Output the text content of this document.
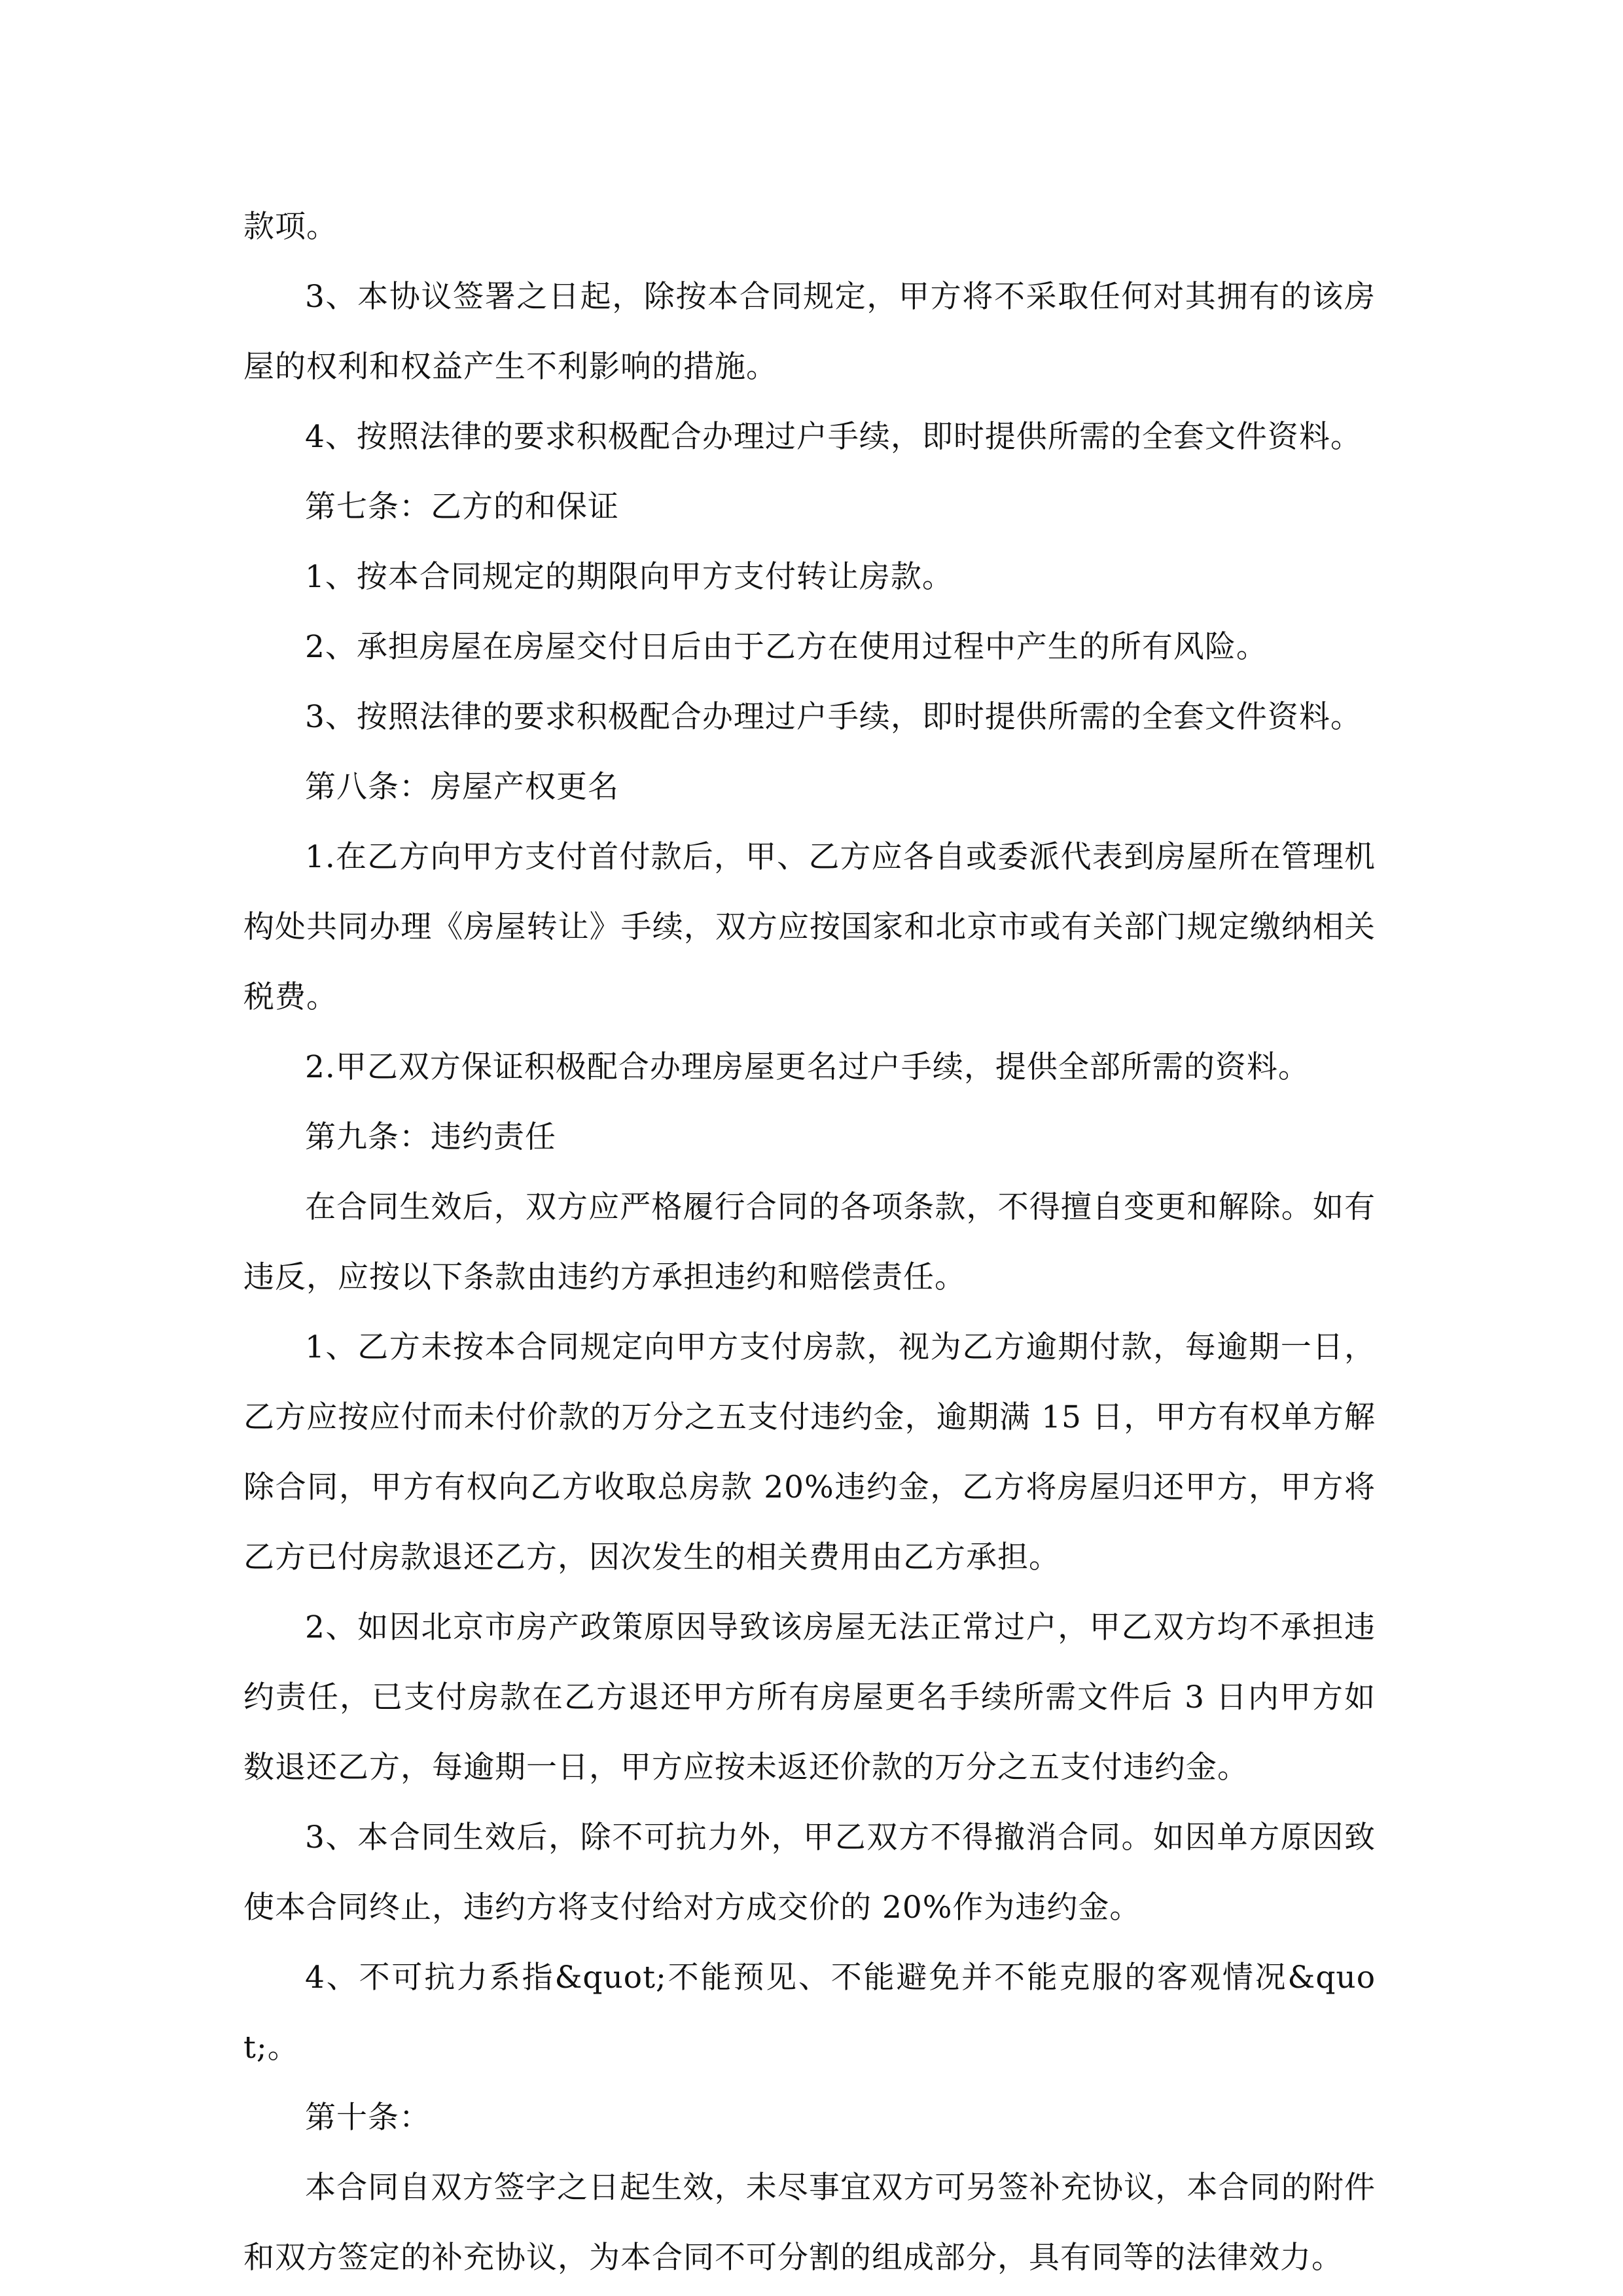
款项。

3、本协议签署之日起，除按本合同规定，甲方将不采取任何对其拥有的该房屋的权利和权益产生不利影响的措施。

4、按照法律的要求积极配合办理过户手续，即时提供所需的全套文件资料。

第七条：乙方的和保证

1、按本合同规定的期限向甲方支付转让房款。

2、承担房屋在房屋交付日后由于乙方在使用过程中产生的所有风险。

3、按照法律的要求积极配合办理过户手续，即时提供所需的全套文件资料。

第八条：房屋产权更名

1.在乙方向甲方支付首付款后，甲、乙方应各自或委派代表到房屋所在管理机构处共同办理《房屋转让》手续，双方应按国家和北京市或有关部门规定缴纳相关税费。

2.甲乙双方保证积极配合办理房屋更名过户手续，提供全部所需的资料。

第九条：违约责任

在合同生效后，双方应严格履行合同的各项条款，不得擅自变更和解除。如有违反，应按以下条款由违约方承担违约和赔偿责任。

1、乙方未按本合同规定向甲方支付房款，视为乙方逾期付款，每逾期一日，乙方应按应付而未付价款的万分之五支付违约金，逾期满 15 日，甲方有权单方解除合同，甲方有权向乙方收取总房款 20%违约金，乙方将房屋归还甲方，甲方将乙方已付房款退还乙方，因次发生的相关费用由乙方承担。

2、如因北京市房产政策原因导致该房屋无法正常过户，甲乙双方均不承担违约责任，已支付房款在乙方退还甲方所有房屋更名手续所需文件后 3 日内甲方如数退还乙方，每逾期一日，甲方应按未返还价款的万分之五支付违约金。

3、本合同生效后，除不可抗力外，甲乙双方不得撤消合同。如因单方原因致使本合同终止，违约方将支付给对方成交价的 20%作为违约金。

4、不可抗力系指&quot;不能预见、不能避免并不能克服的客观情况&quot;。

第十条：

本合同自双方签字之日起生效，未尽事宜双方可另签补充协议，本合同的附件和双方签定的补充协议，为本合同不可分割的组成部分，具有同等的法律效力。
